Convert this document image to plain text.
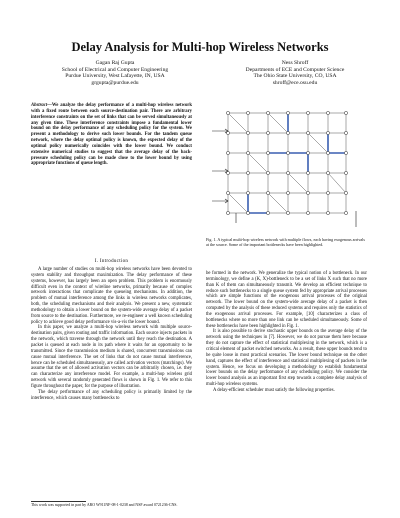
Delay Analysis for Multi-hop Wireless Networks
Gagan Raj Gupta
School of Electrical and Computer Engineering
Purdue University, West Lafayette, IN, USA
grgupta@purdue.edu
Ness Shroff
Departments of ECE and Computer Science
The Ohio State University, CO, USA
shroff@ece.osu.edu
Abstract—We analyze the delay performance of a multi-hop wireless network with a fixed route between each source-destination pair. There are arbitrary interference constraints on the set of links that can be served simultaneously at any given time. These interference constraints impose a fundamental lower bound on the delay performance of any scheduling policy for the system. We present a methodology to derive such lower bounds. For the tandem queue network, where the delay optimal policy is known, the expected delay of the optimal policy numerically coincides with the lower bound. We conduct extensive numerical studies to suggest that the average delay of the back-pressure scheduling policy can be made close to the lower bound by using appropriate functions of queue length.
I. Introduction

A large number of studies on multi-hop wireless networks have been devoted to system stability and throughput maximization. The delay performance of these systems, however, has largely been an open problem. This problem is enormously difficult even in the context of wireline networks, primarily because of complex network interactions that complicate the queueing mechanisms. In addition, the problem of mutual interference among the links in wireless networks complicates, both, the scheduling mechanisms and their analysis. We present a new, systematic methodology to obtain a lower bound on the system-wide average delay of a packet from source to the destination. Furthermore, we re-engineer a well known scheduling policy to achieve good delay performance vis-a-vis the lower bound.

In this paper, we analyze a multi-hop wireless network with multiple source-destination pairs, given routing and traffic information. Each source injects packets in the network, which traverse through the network until they reach the destination. A packet is queued at each node in its path where it waits for an opportunity to be transmitted. Since the transmission medium is shared, concurrent transmissions can cause mutual interference. The set of links that do not cause mutual interference, hence can be scheduled simultaneously, are called activation vectors (matchings). We assume that the set of allowed activation vectors can be arbitrarily chosen, i.e. they can characterize any interference model. For example, a multi-hop wireless grid network with several randomly generated flows is shown in Fig. 1. We refer to this figure throughout the paper, for the purpose of illustration.

The delay performance of any scheduling policy is primarily limited by the interference, which causes many bottlenecks to

This work was supported in part by ARO W911NF-08-1-0238 and NSF award 0721236-CNS.
Fig. 1. A typical multi-hop wireless network with multiple flows, each having exogenous arrivals at the source. Some of the important bottlenecks have been highlighted.

be formed in the network. We generalize the typical notion of a bottleneck. In our terminology, we define a (K, X)-bottleneck to be a set of links X such that no more than K of them can simultaneously transmit. We develop an efficient technique to reduce such bottlenecks to a single queue system fed by appropriate arrival processes which are simple functions of the exogenous arrival processes of the original network. The lower bound on the system-wide average delay of a packet is then computed by the analysis of these reduced systems and requires only the statistics of the exogenous arrival processes. For example, [10] characterizes a class of bottlenecks where no more than one link can be scheduled simultaneously. Some of these bottlenecks have been highlighted in Fig. 1.

It is also possible to derive stochastic upper bounds on the average delay of the network using the techniques in [7]. However, we do not pursue them here because they do not capture the effect of statistical multiplexing in the network, which is a critical element of packet switched networks. As a result, these upper bounds tend to be quite loose in most practical scenarios. The lower bound technique on the other hand, captures the effect of interference and statistical multiplexing of packets in the system. Hence, we focus on developing a methodology to establish fundamental lower bounds on the delay performance of any scheduling policy. We consider the lower bound analysis as an important first step towards a complete delay analysis of multi-hop wireless systems.

A delay-efficient scheduler must satisfy the following properties.
